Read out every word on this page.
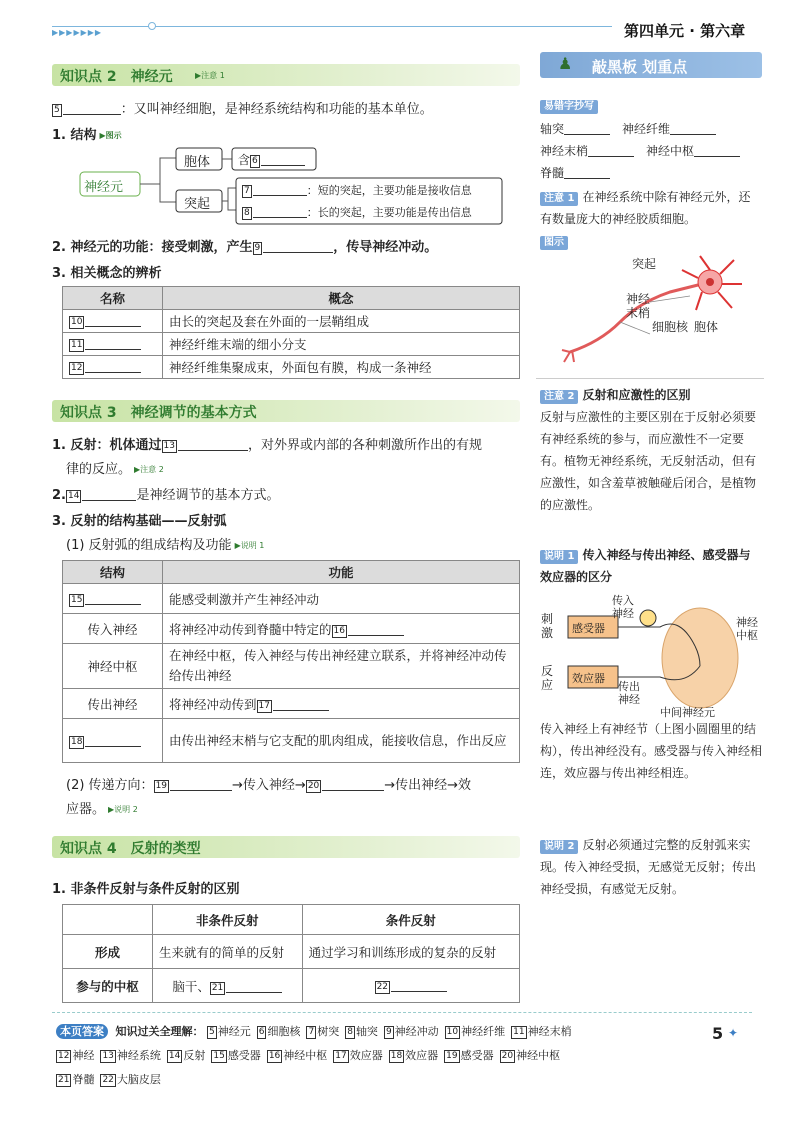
▶▶▶▶▶▶▶	第四单元 · 第六章
♟ 敲黑板 划重点
知识点 2　神经元	▶注意 1
5	：又叫神经细胞，是神经系统结构和功能的基本单位。
1. 结构 ▶图示
神经元
胞体 含 6
突起
7	：短的突起，主要功能是接收信息
8	：长的突起，主要功能是传出信息
2. 神经元的功能：接受刺激，产生 9	，传导神经冲动。
3. 相关概念的辨析
名称	概念
10	由长的突起及套在外面的一层鞘组成
11	神经纤维末端的细小分支
12	神经纤维集聚成束，外面包有膜，构成一条神经
知识点 3　神经调节的基本方式
1. 反射：机体通过 13	，对外界或内部的各种刺激所作出的有规
律的反应。 ▶注意 2
2. 14	是神经调节的基本方式。
3. 反射的结构基础——反射弧
(1) 反射弧的组成结构及功能 ▶说明 1
结构	功能
15	能感受刺激并产生神经冲动
传入神经	将神经冲动传到脊髓中特定的 16
神经中枢	在神经中枢，传入神经与传出神经建立联系，并将神经冲动传给传出神经
传出神经	将神经冲动传到 17
18	由传出神经末梢与它支配的肌肉组成，能接收信息，作出反应
(2) 传递方向： 19	→传入神经→ 20	→传出神经→效
应器。 ▶说明 2
知识点 4　反射的类型
1. 非条件反射与条件反射的区别
	非条件反射	条件反射
形成	生来就有的简单的反射	通过学习和训练形成的复杂的反射
参与的中枢	脑干、 21	22
易错字抄写
轴突　	神经纤维
神经末梢　	神经中枢
脊髓
注意 1 在神经系统中除有神经元外，还有数量庞大的神经胶质细胞。
图示
突起
神经末梢
细胞核 胞体
注意 2 反射和应激性的区别
反射与应激性的主要区别在于反射必须要有神经系统的参与，而应激性不一定要有。植物无神经系统，无反射活动，但有应激性，如含羞草被触碰后闭合，是植物的应激性。
说明 1 传入神经与传出神经、感受器与效应器的区分
刺激 感受器
传入神经
神经中枢
反应 效应器
传出神经
中间神经元
传入神经上有神经节（上图小圆圈里的结构），传出神经没有。感受器与传入神经相连，效应器与传出神经相连。
说明 2 反射必须通过完整的反射弧来实现。传入神经受损，无感觉无反射；传出神经受损，有感觉无反射。
本页答案 知识过关全理解： 5 神经元 6 细胞核 7 树突 8 轴突 9 神经冲动 10 神经纤维 11 神经末梢
12 神经 13 神经系统 14 反射 15 感受器 16 神经中枢 17 效应器 18 效应器 19 感受器 20 神经中枢
21 脊髓 22 大脑皮层
5 ✦
